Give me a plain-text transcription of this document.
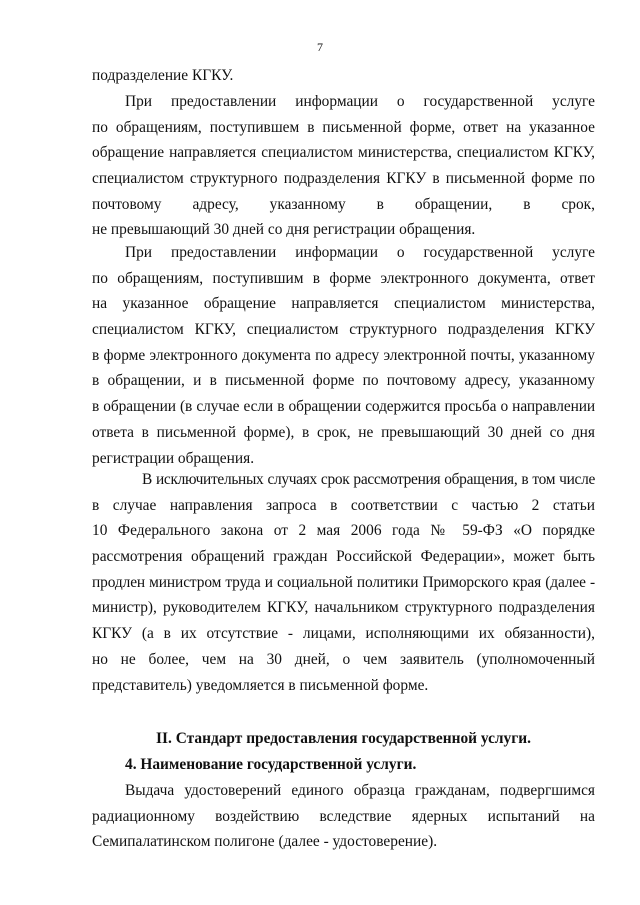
7
подразделение КГКУ.
При предоставлении информации о государственной услуге
по обращениям, поступившем в письменной форме, ответ на указанное
обращение направляется специалистом министерства, специалистом КГКУ,
специалистом структурного подразделения КГКУ в письменной форме по
почтовому адресу, указанному в обращении, в срок,
не превышающий 30 дней со дня регистрации обращения.
При предоставлении информации о государственной услуге
по обращениям, поступившим в форме электронного документа, ответ
на указанное обращение направляется специалистом министерства,
специалистом КГКУ, специалистом структурного подразделения КГКУ
в форме электронного документа по адресу электронной почты, указанному
в обращении, и в письменной форме по почтовому адресу, указанному
в обращении (в случае если в обращении содержится просьба о направлении
ответа в письменной форме), в срок, не превышающий 30 дней со дня
регистрации обращения.
В исключительных случаях срок рассмотрения обращения, в том числе
в случае направления запроса в соответствии с частью 2 статьи
10 Федерального закона от 2 мая 2006 года № 59-ФЗ «О порядке
рассмотрения обращений граждан Российской Федерации», может быть
продлен министром труда и социальной политики Приморского края (далее -
министр), руководителем КГКУ, начальником структурного подразделения
КГКУ (а в их отсутствие - лицами, исполняющими их обязанности),
но не более, чем на 30 дней, о чем заявитель (уполномоченный
представитель) уведомляется в письменной форме.
II. Стандарт предоставления государственной услуги.
4. Наименование государственной услуги.
Выдача удостоверений единого образца гражданам, подвергшимся
радиационному воздействию вследствие ядерных испытаний на
Семипалатинском полигоне (далее - удостоверение).
